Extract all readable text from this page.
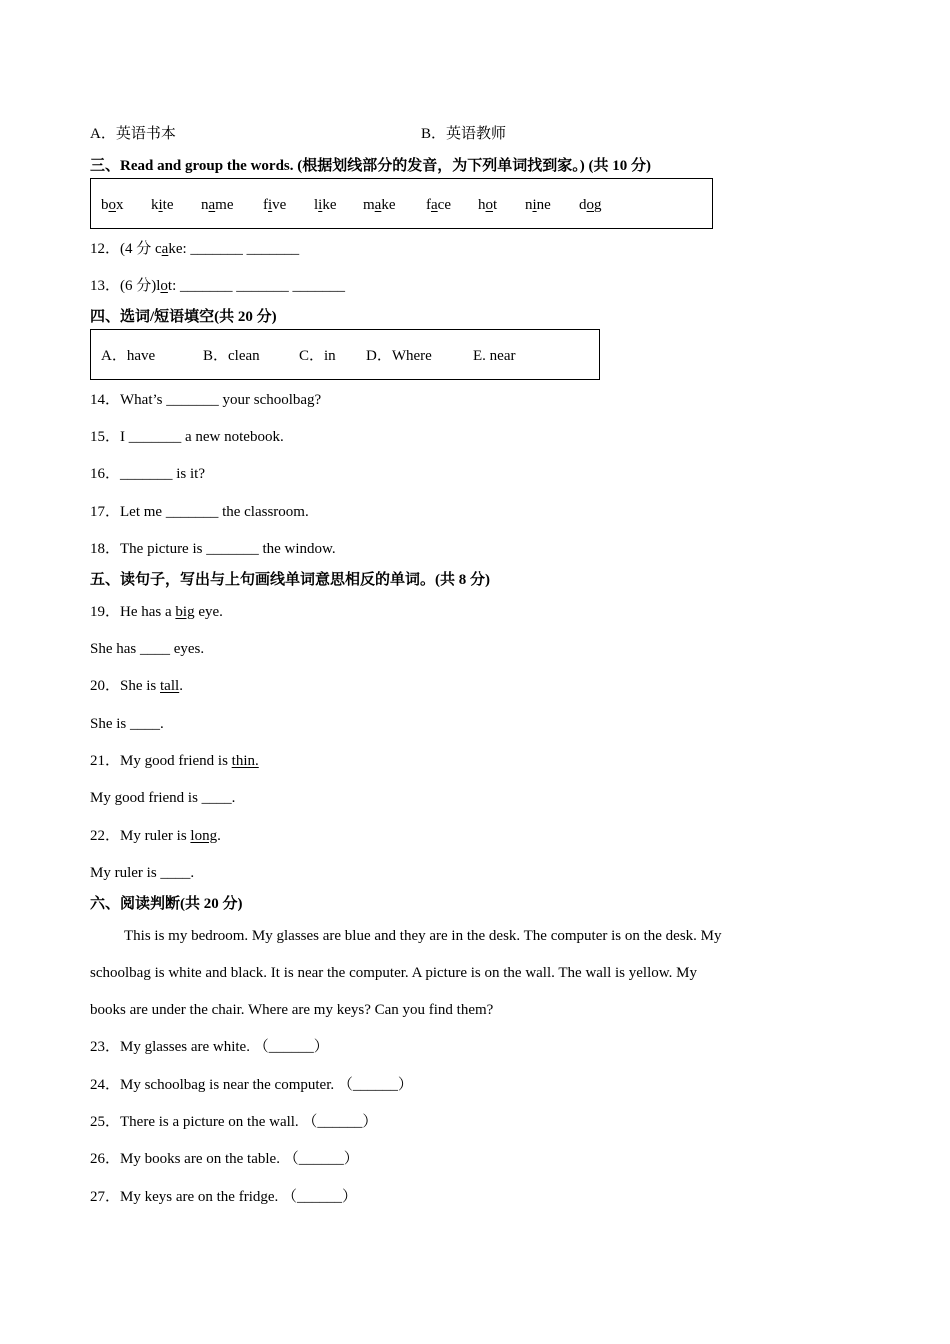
A．英语书本	B．英语教师
三、Read and group the words. (根据划线部分的发音，为下列单词找到家。) (共 10 分)
box kite name five like make face hot nine dog
12．(4 分 cake: _______ _______
13．(6 分)lot: _______ _______ _______
四、选词/短语填空(共 20 分)
A．have	B．clean	C．in D．Where	E. near
14．What’s _______ your schoolbag?
15．I _______ a new notebook.
16．_______ is it?
17．Let me _______ the classroom.
18．The picture is _______ the window.
五、读句子，写出与上句画线单词意思相反的单词。(共 8 分)
19．He has a big eye.
She has ____ eyes.
20．She is tall.
She is ____.
21．My good friend is thin.
My good friend is ____.
22．My ruler is long.
My ruler is ____.
六、阅读判断(共 20 分)
This is my bedroom. My glasses are blue and they are in the desk. The computer is on the desk. My
schoolbag is white and black. It is near the computer. A picture is on the wall. The wall is yellow. My
books are under the chair. Where are my keys? Can you find them?
23．My glasses are white. （______）
24．My schoolbag is near the computer. （______）
25．There is a picture on the wall. （______）
26．My books are on the table. （______）
27．My keys are on the fridge. （______）
